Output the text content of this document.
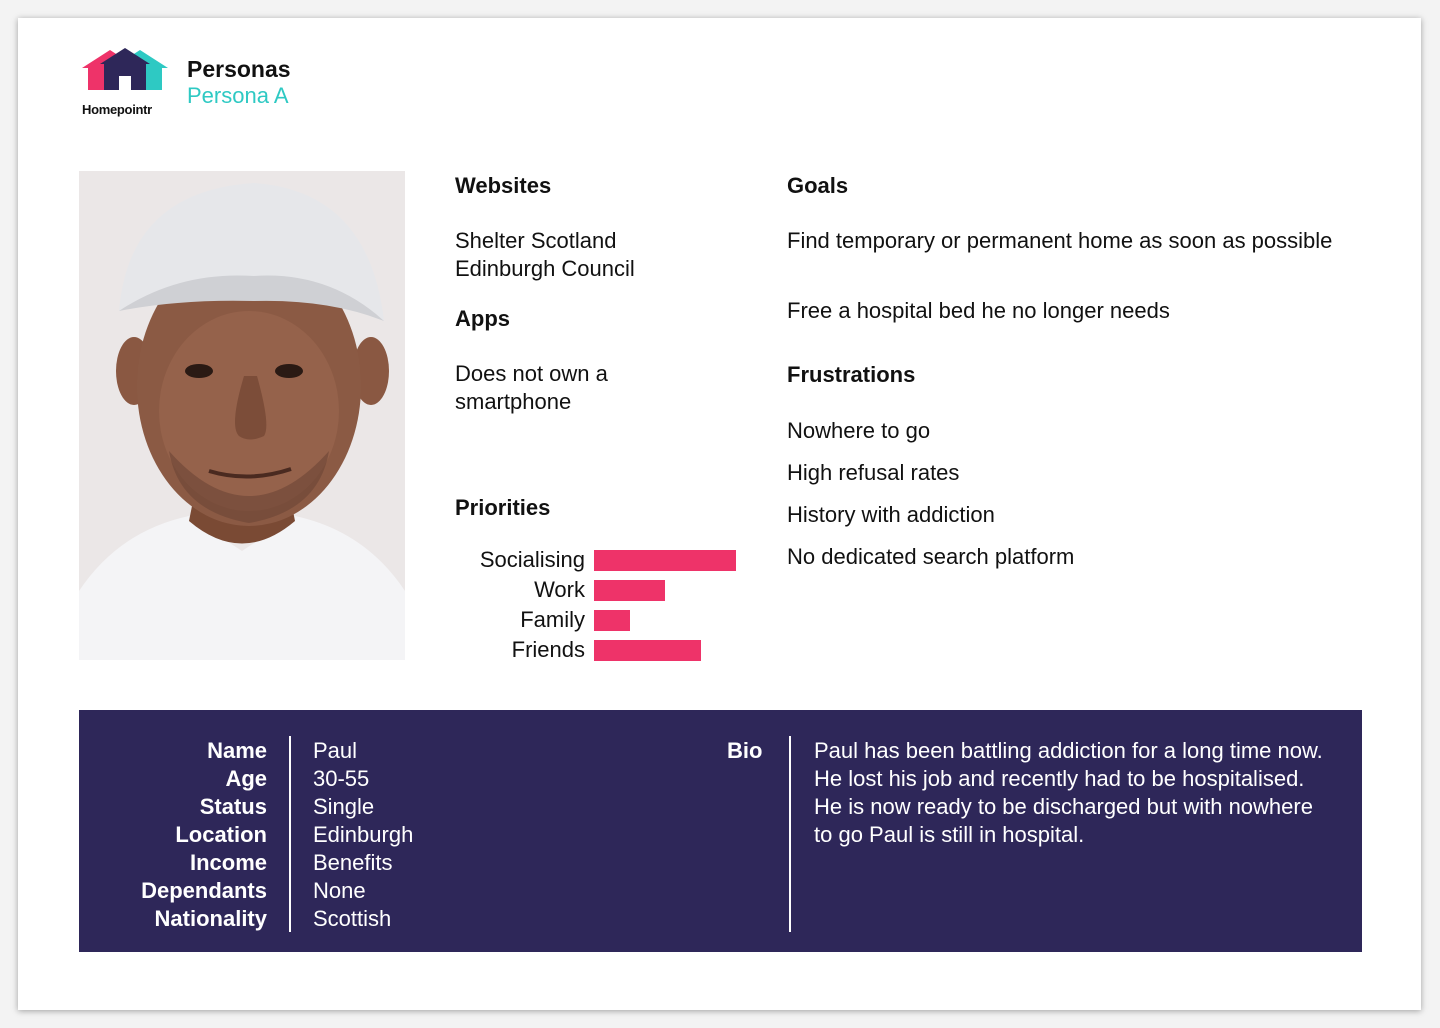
Homepointr
Personas
Persona A
Websites
Shelter Scotland
Edinburgh Council
Apps
Does not own a smartphone
Priorities
Socialising
Work
Family
Friends
Goals
Find temporary or permanent home as soon as possible
Free a hospital bed he no longer needs
Frustrations
Nowhere to go
High refusal rates
History with addiction
No dedicated search platform
Name
Age
Status
Location
Income
Dependants
Nationality
Paul
30-55
Single
Edinburgh
Benefits
None
Scottish
Bio Paul has been battling addiction for a long time now. He lost his job and recently had to be hospitalised. He is now ready to be discharged but with nowhere to go Paul is still in hospital.
